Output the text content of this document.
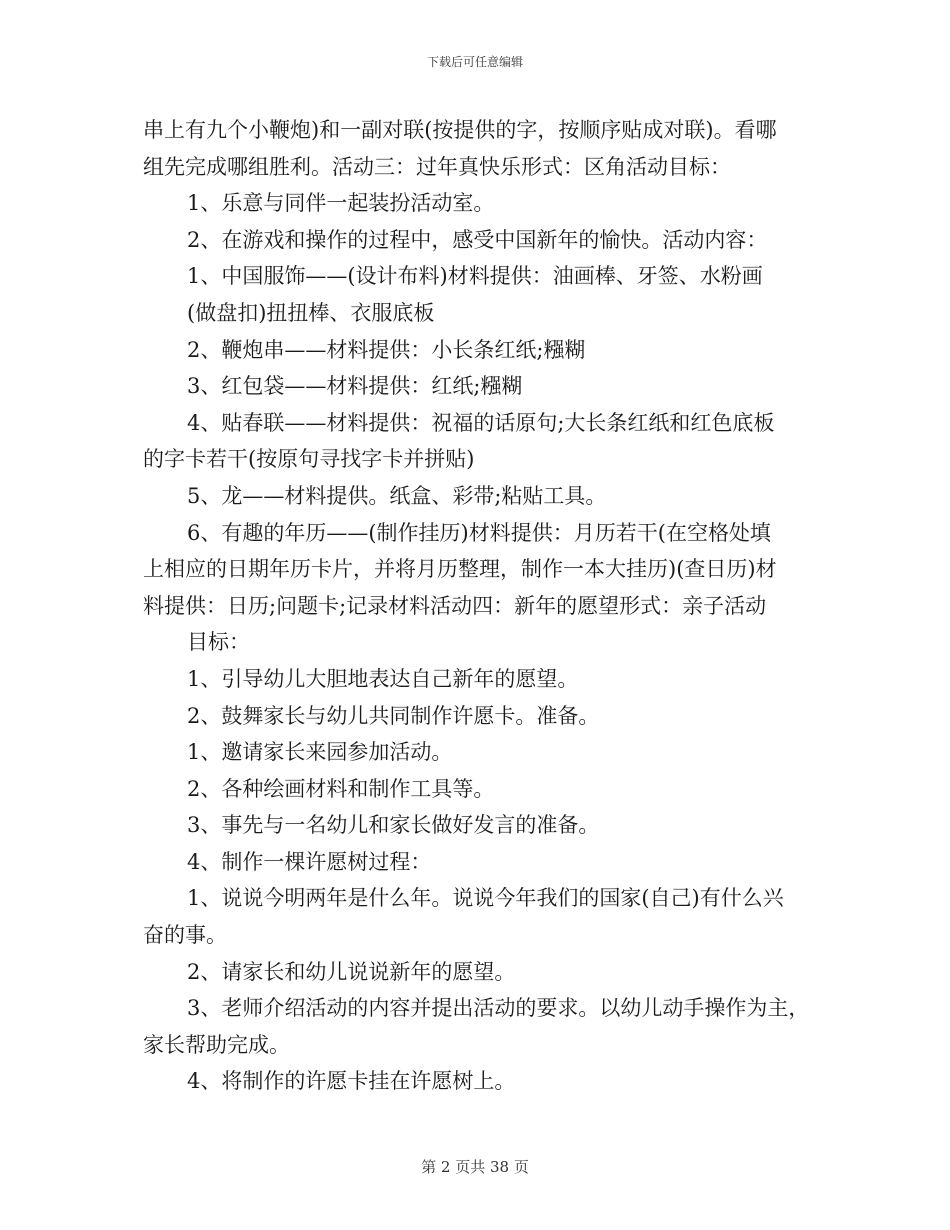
下载后可任意编辑
串上有九个小鞭炮)和一副对联(按提供的字，按顺序贴成对联)。看哪
组先完成哪组胜利。活动三：过年真快乐形式：区角活动目标：
1、乐意与同伴一起装扮活动室。
2、在游戏和操作的过程中，感受中国新年的愉快。活动内容：
1、中国服饰——(设计布料)材料提供：油画棒、牙签、水粉画
(做盘扣)扭扭棒、衣服底板
2、鞭炮串——材料提供：小长条红纸;糨糊
3、红包袋——材料提供：红纸;糨糊
4、贴春联——材料提供：祝福的话原句;大长条红纸和红色底板
的字卡若干(按原句寻找字卡并拼贴)
5、龙——材料提供。纸盒、彩带;粘贴工具。
6、有趣的年历——(制作挂历)材料提供：月历若干(在空格处填
上相应的日期年历卡片，并将月历整理，制作一本大挂历)(查日历)材
料提供：日历;问题卡;记录材料活动四：新年的愿望形式：亲子活动
目标：
1、引导幼儿大胆地表达自己新年的愿望。
2、鼓舞家长与幼儿共同制作许愿卡。准备。
1、邀请家长来园参加活动。
2、各种绘画材料和制作工具等。
3、事先与一名幼儿和家长做好发言的准备。
4、制作一棵许愿树过程：
1、说说今明两年是什么年。说说今年我们的国家(自己)有什么兴
奋的事。
2、请家长和幼儿说说新年的愿望。
3、老师介绍活动的内容并提出活动的要求。以幼儿动手操作为主，
家长帮助完成。
4、将制作的许愿卡挂在许愿树上。
第 2 页共 38 页
